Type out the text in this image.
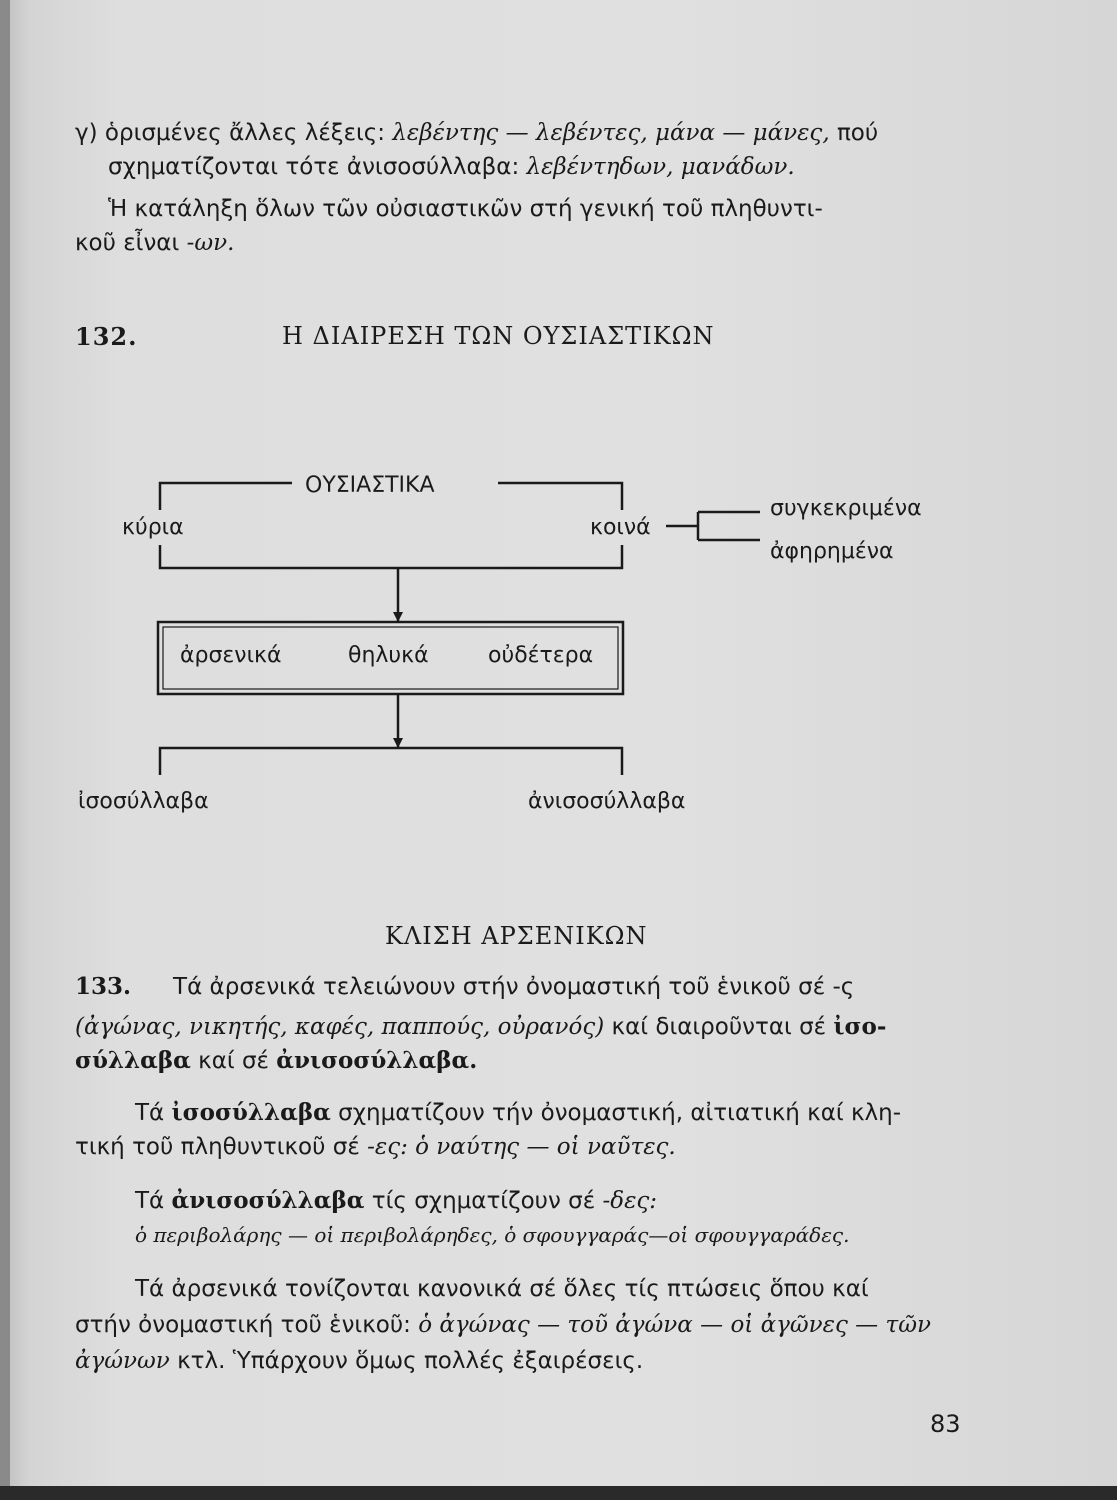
γ) ὁρισμένες ἄλλες λέξεις: λεβέντης — λεβέντες, μάνα — μάνες, πού
σχηματίζονται τότε ἀνισοσύλλαβα: λεβέντηδων, μανάδων.
Ἡ κατάληξη ὅλων τῶν οὐσιαστικῶν στή γενική τοῦ πληθυντι-
κοῦ εἶναι -ων.
132.	Η ΔΙΑΙΡΕΣΗ ΤΩΝ ΟΥΣΙΑΣΤΙΚΩΝ
ΟΥΣΙΑΣΤΙΚΑ
κύρια	κοινά
συγκεκριμένα
ἀφηρημένα
ἀρσενικά	θηλυκά	οὐδέτερα
ἰσοσύλλαβα	ἀνισοσύλλαβα
ΚΛΙΣΗ ΑΡΣΕΝΙΚΩΝ
133. Τά ἀρσενικά τελειώνουν στήν ὀνομαστική τοῦ ἑνικοῦ σέ -ς
(ἀγώνας, νικητής, καφές, παππούς, οὐρανός) καί διαιροῦνται σέ ἰσο-
σύλλαβα καί σέ ἀνισοσύλλαβα.
Τά ἰσοσύλλαβα σχηματίζουν τήν ὀνομαστική, αἰτιατική καί κλη-
τική τοῦ πληθυντικοῦ σέ -ες: ὁ ναύτης — οἱ ναῦτες.
Τά ἀνισοσύλλαβα τίς σχηματίζουν σέ -δες:
ὁ περιβολάρης — οἱ περιβολάρηδες, ὁ σφουγγαράς—οἱ σφουγγαράδες.
Τά ἀρσενικά τονίζονται κανονικά σέ ὅλες τίς πτώσεις ὅπου καί
στήν ὀνομαστική τοῦ ἑνικοῦ: ὁ ἀγώνας — τοῦ ἀγώνα — οἱ ἀγῶνες — τῶν
ἀγώνων κτλ. Ὑπάρχουν ὅμως πολλές ἐξαιρέσεις.
83
